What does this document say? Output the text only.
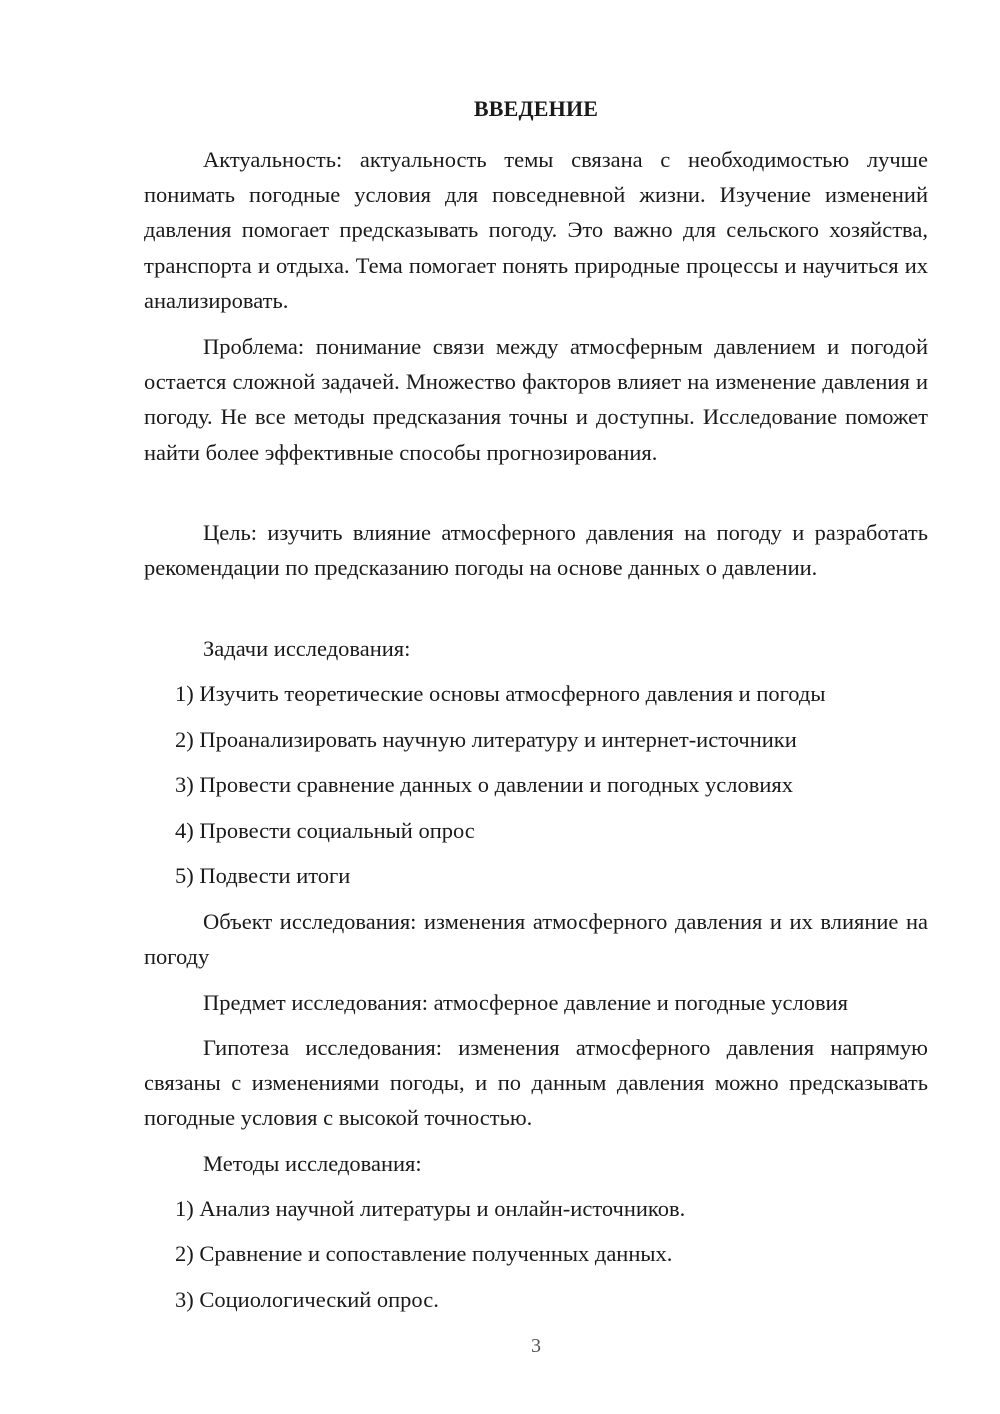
ВВЕДЕНИЕ

Актуальность: актуальность темы связана с необходимостью лучше понимать погодные условия для повседневной жизни. Изучение изменений давления помогает предсказывать погоду. Это важно для сельского хозяйства, транспорта и отдыха. Тема помогает понять природные процессы и научиться их анализировать.

Проблема: понимание связи между атмосферным давлением и погодой остается сложной задачей. Множество факторов влияет на изменение давления и погоду. Не все методы предсказания точны и доступны. Исследование поможет найти более эффективные способы прогнозирования.

Цель: изучить влияние атмосферного давления на погоду и разработать рекомендации по предсказанию погоды на основе данных о давлении.

Задачи исследования:

1) Изучить теоретические основы атмосферного давления и погоды

2) Проанализировать научную литературу и интернет-источники

3) Провести сравнение данных о давлении и погодных условиях

4) Провести социальный опрос

5) Подвести итоги

Объект исследования: изменения атмосферного давления и их влияние на погоду

Предмет исследования: атмосферное давление и погодные условия

Гипотеза исследования: изменения атмосферного давления напрямую связаны с изменениями погоды, и по данным давления можно предсказывать погодные условия с высокой точностью.

Методы исследования:

1) Анализ научной литературы и онлайн-источников.

2) Сравнение и сопоставление полученных данных.

3) Социологический опрос.

3
